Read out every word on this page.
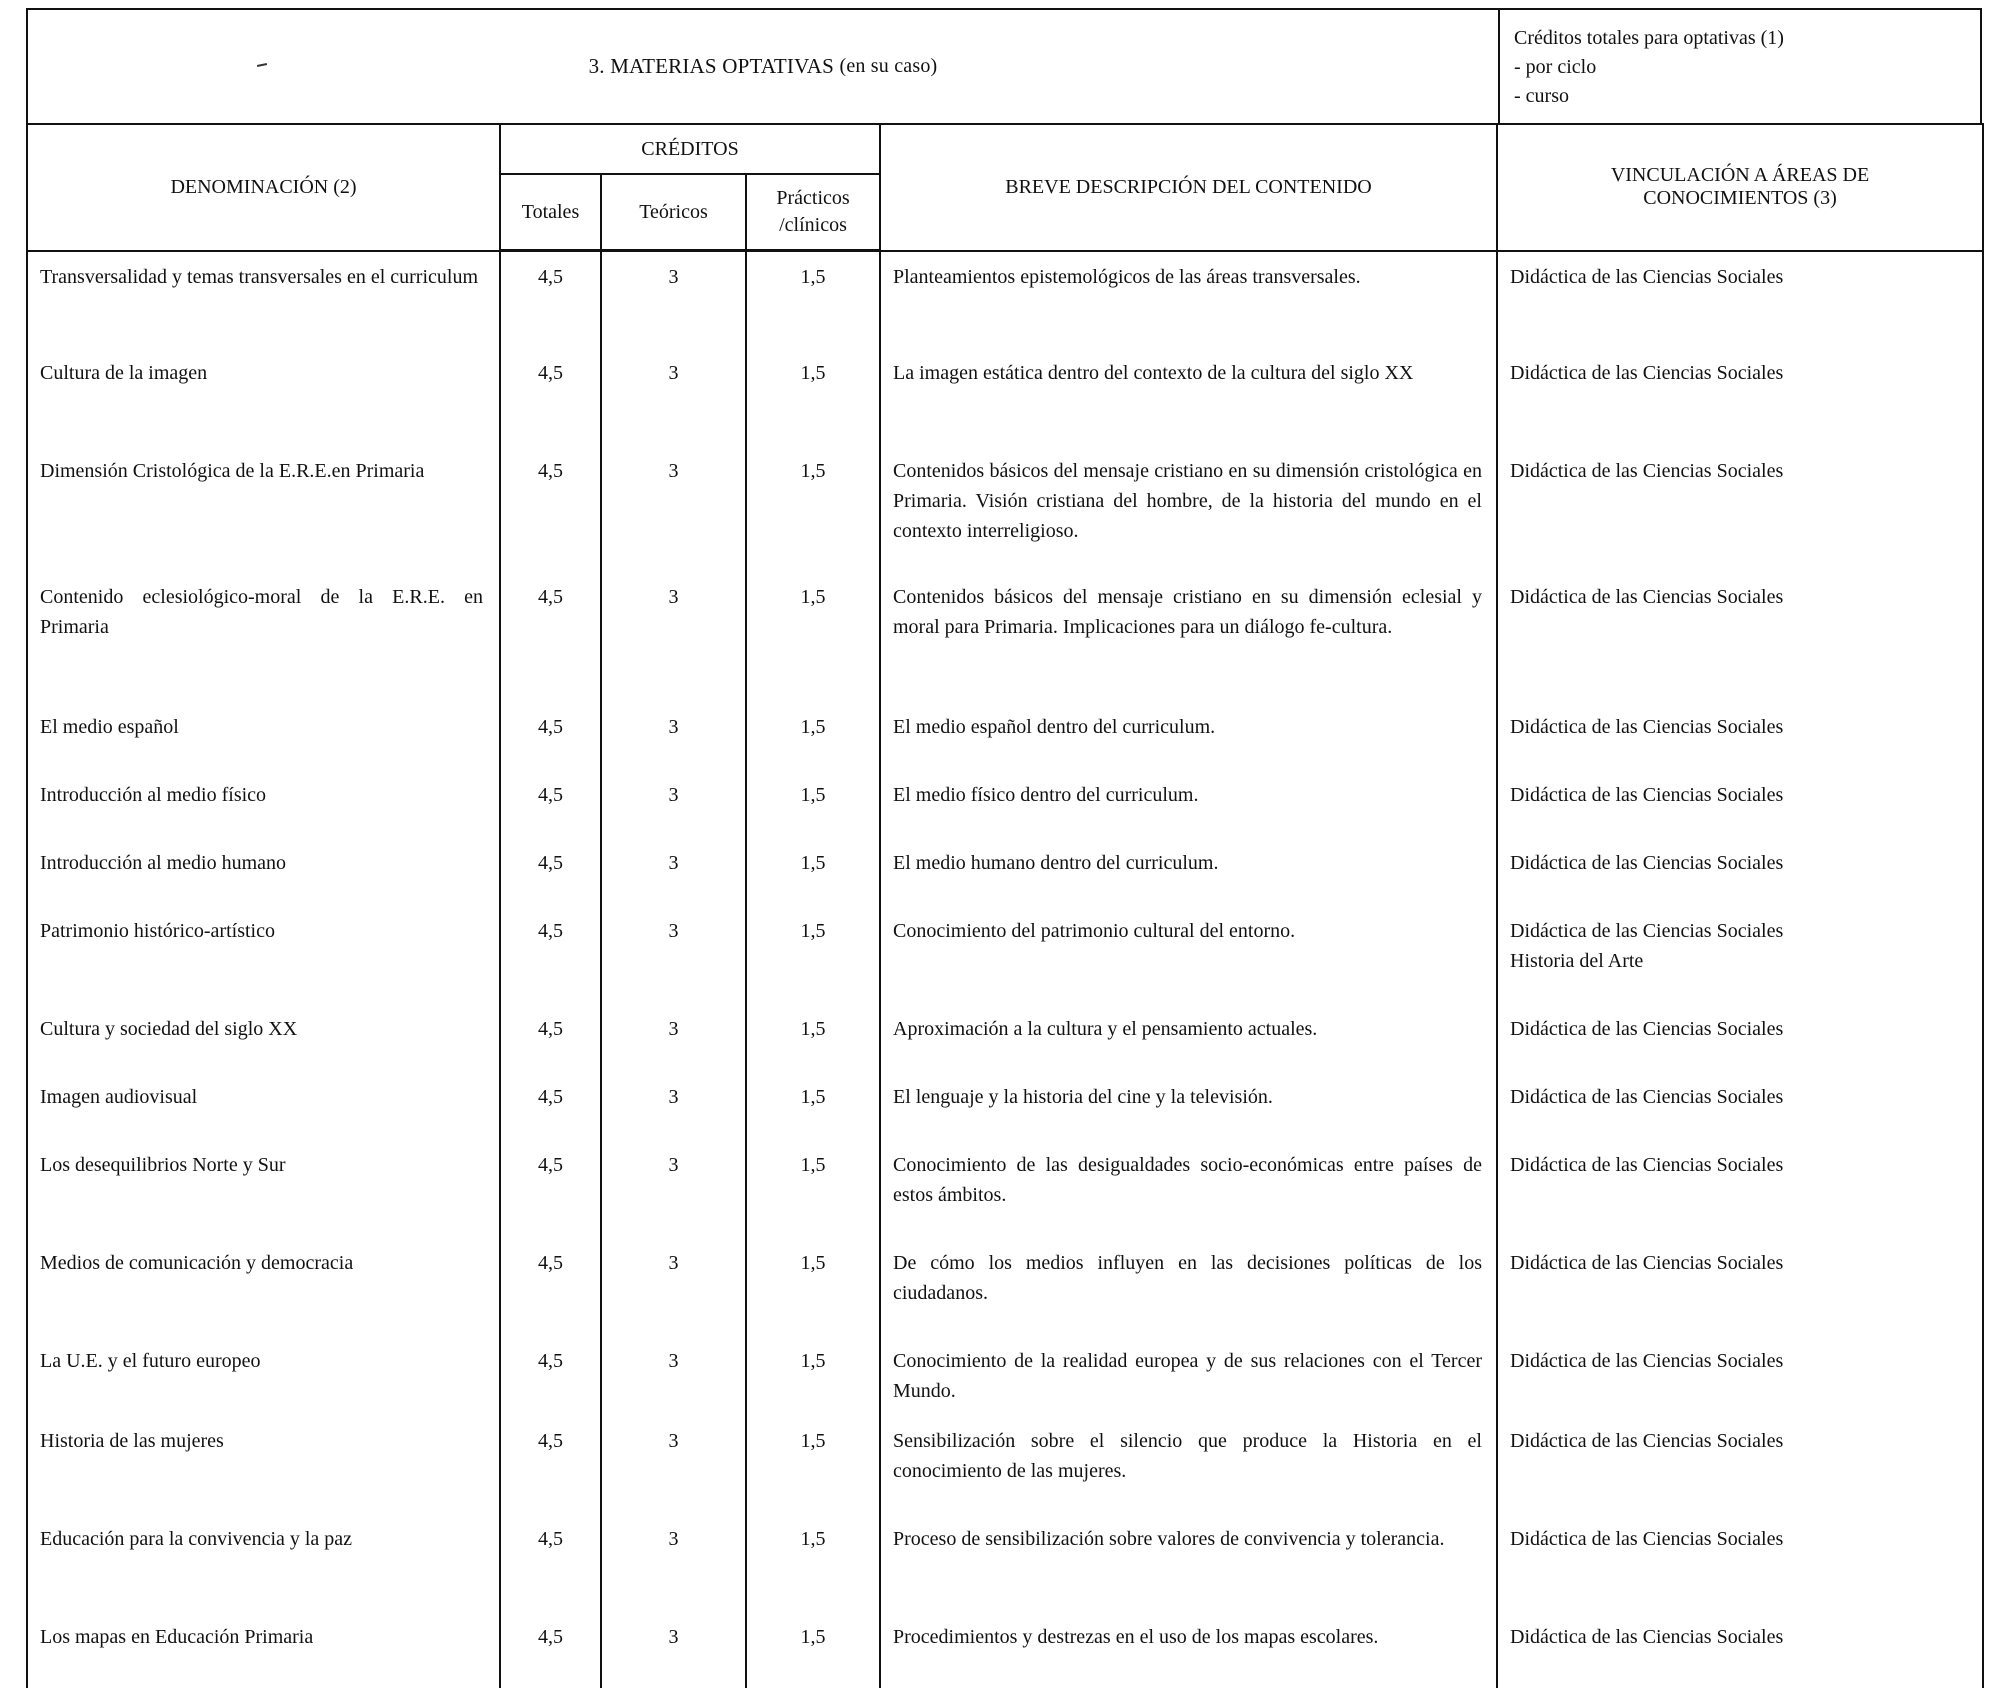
3. MATERIAS OPTATIVAS
(en su caso)
Créditos totales para optativas (1)
- por ciclo
- curso
DENOMINACIÓN (2)	CRÉDITOS			BREVE DESCRIPCIÓN DEL CONTENIDO	VINCULACIÓN A ÁREAS DE CONOCIMIENTOS (3)
	Totales	Teóricos	Prácticos /clínicos		

Transversalidad y temas transversales en el curriculum	4,5	3	1,5	Planteamientos epistemológicos de las áreas transversales.	Didáctica de las Ciencias Sociales

Cultura de la imagen	4,5	3	1,5	La imagen estática dentro del contexto de la cultura del siglo XX	Didáctica de las Ciencias Sociales

Dimensión Cristológica de la E.R.E.en Primaria	4,5	3	1,5	Contenidos básicos del mensaje cristiano en su dimensión cristológica en Primaria. Visión cristiana del hombre, de la historia del mundo en el contexto interreligioso.	Didáctica de las Ciencias Sociales

Contenido eclesiológico-moral de la E.R.E. en Primaria	4,5	3	1,5	Contenidos básicos del mensaje cristiano en su dimensión eclesial y moral para Primaria. Implicaciones para un diálogo fe-cultura.	Didáctica de las Ciencias Sociales

El medio español	4,5	3	1,5	El medio español dentro del curriculum.	Didáctica de las Ciencias Sociales

Introducción al medio físico	4,5	3	1,5	El medio físico dentro del curriculum.	Didáctica de las Ciencias Sociales

Introducción al medio humano	4,5	3	1,5	El medio humano dentro del curriculum.	Didáctica de las Ciencias Sociales

Patrimonio histórico-artístico	4,5	3	1,5	Conocimiento del patrimonio cultural del entorno.	Didáctica de las Ciencias Sociales
Historia del Arte

Cultura y sociedad del siglo XX	4,5	3	1,5	Aproximación a la cultura y el pensamiento actuales.	Didáctica de las Ciencias Sociales

Imagen audiovisual	4,5	3	1,5	El lenguaje y la historia del cine y la televisión.	Didáctica de las Ciencias Sociales

Los desequilibrios Norte y Sur	4,5	3	1,5	Conocimiento de las desigualdades socio-económicas entre países de estos ámbitos.	Didáctica de las Ciencias Sociales

Medios de comunicación y democracia	4,5	3	1,5	De cómo los medios influyen en las decisiones políticas de los ciudadanos.	Didáctica de las Ciencias Sociales

La U.E. y el futuro europeo	4,5	3	1,5	Conocimiento de la realidad europea y de sus relaciones con el Tercer Mundo.	Didáctica de las Ciencias Sociales

Historia de las mujeres	4,5	3	1,5	Sensibilización sobre el silencio que produce la Historia en el conocimiento de las mujeres.	Didáctica de las Ciencias Sociales

Educación para la convivencia y la paz	4,5	3	1,5	Proceso de sensibilización sobre valores de convivencia y tolerancia.	Didáctica de las Ciencias Sociales

Los mapas en Educación Primaria	4,5	3	1,5	Procedimientos y destrezas en el uso de los mapas escolares.	Didáctica de las Ciencias Sociales
